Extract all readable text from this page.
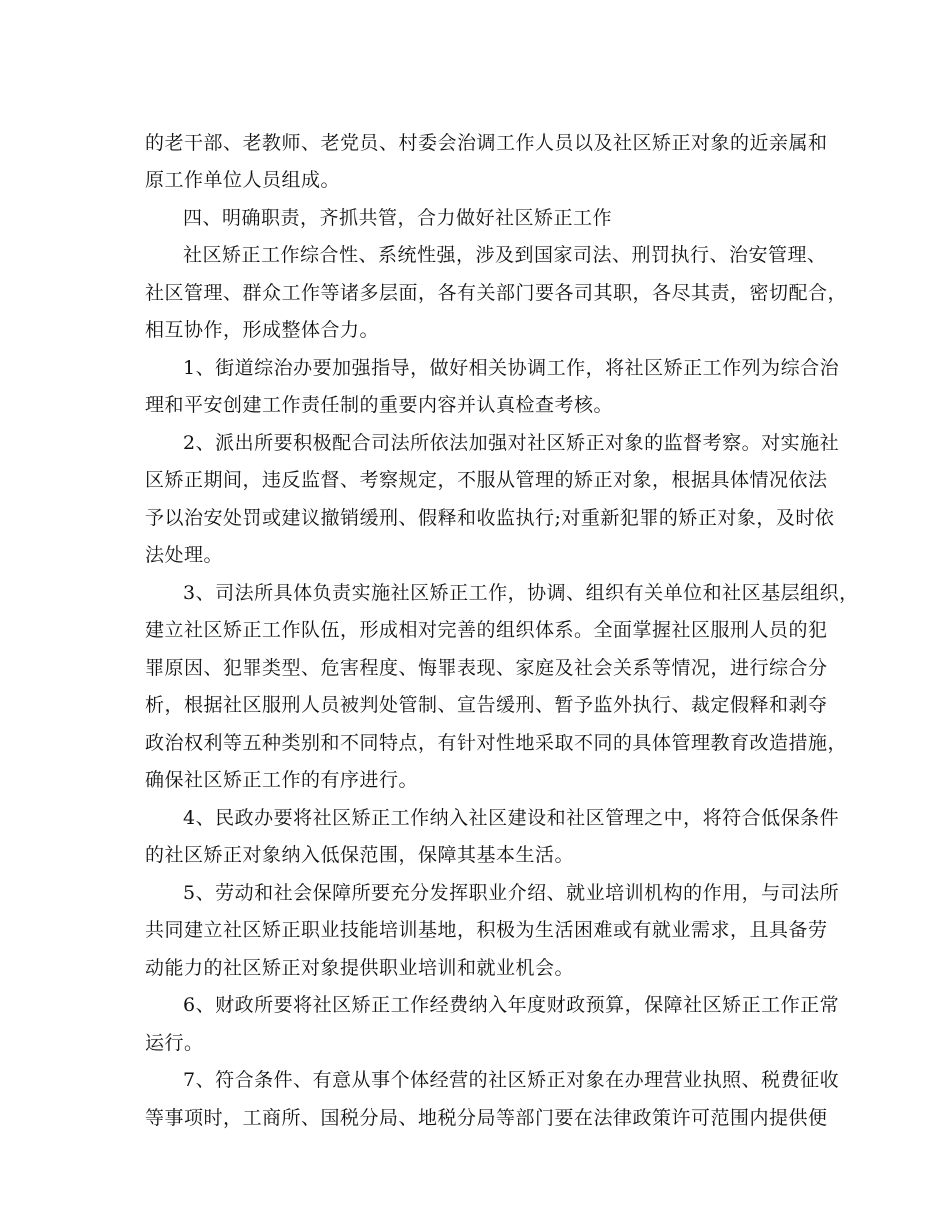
的老干部、老教师、老党员、村委会治调工作人员以及社区矫正对象的近亲属和
原工作单位人员组成。
四、明确职责，齐抓共管，合力做好社区矫正工作
社区矫正工作综合性、系统性强，涉及到国家司法、刑罚执行、治安管理、
社区管理、群众工作等诸多层面，各有关部门要各司其职，各尽其责，密切配合，
相互协作，形成整体合力。
1、街道综治办要加强指导，做好相关协调工作，将社区矫正工作列为综合治
理和平安创建工作责任制的重要内容并认真检查考核。
2、派出所要积极配合司法所依法加强对社区矫正对象的监督考察。对实施社
区矫正期间，违反监督、考察规定，不服从管理的矫正对象，根据具体情况依法
予以治安处罚或建议撤销缓刑、假释和收监执行;对重新犯罪的矫正对象，及时依
法处理。
3、司法所具体负责实施社区矫正工作，协调、组织有关单位和社区基层组织，
建立社区矫正工作队伍，形成相对完善的组织体系。全面掌握社区服刑人员的犯
罪原因、犯罪类型、危害程度、悔罪表现、家庭及社会关系等情况，进行综合分
析，根据社区服刑人员被判处管制、宣告缓刑、暂予监外执行、裁定假释和剥夺
政治权利等五种类别和不同特点，有针对性地采取不同的具体管理教育改造措施，
确保社区矫正工作的有序进行。
4、民政办要将社区矫正工作纳入社区建设和社区管理之中，将符合低保条件
的社区矫正对象纳入低保范围，保障其基本生活。
5、劳动和社会保障所要充分发挥职业介绍、就业培训机构的作用，与司法所
共同建立社区矫正职业技能培训基地，积极为生活困难或有就业需求，且具备劳
动能力的社区矫正对象提供职业培训和就业机会。
6、财政所要将社区矫正工作经费纳入年度财政预算，保障社区矫正工作正常
运行。
7、符合条件、有意从事个体经营的社区矫正对象在办理营业执照、税费征收
等事项时，工商所、国税分局、地税分局等部门要在法律政策许可范围内提供便
